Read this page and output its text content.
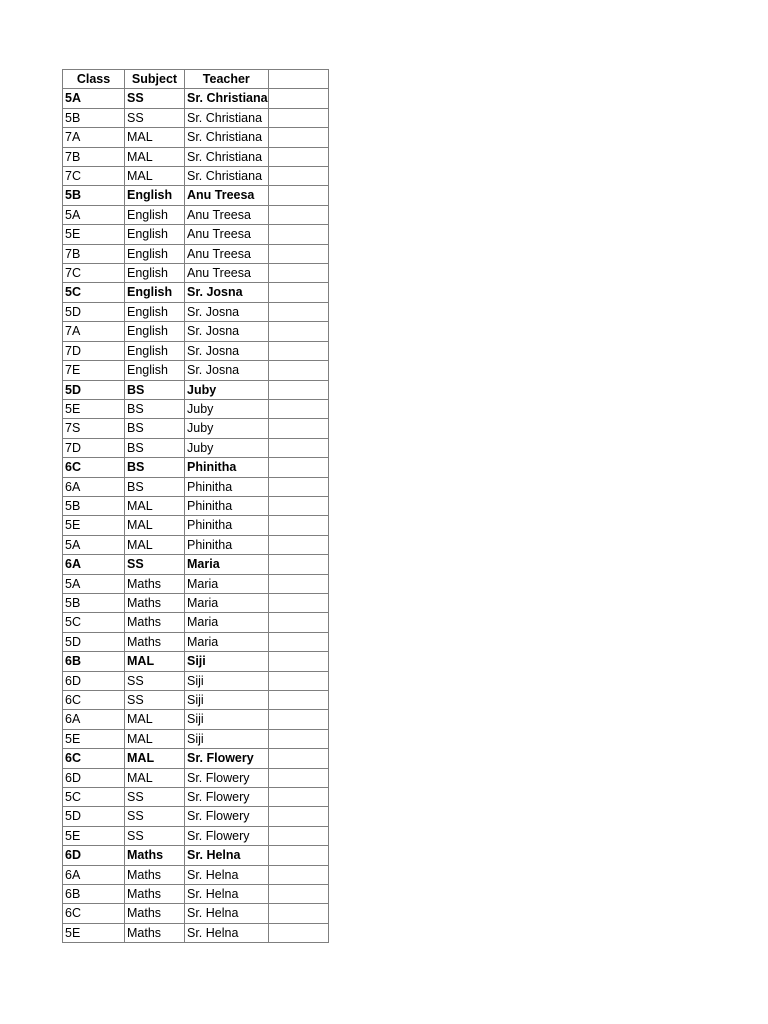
Class	Subject	Teacher	
5A	SS	Sr. Christiana	
5B	SS	Sr. Christiana	
7A	MAL	Sr. Christiana	
7B	MAL	Sr. Christiana	
7C	MAL	Sr. Christiana	
5B	English	Anu Treesa	
5A	English	Anu Treesa	
5E	English	Anu Treesa	
7B	English	Anu Treesa	
7C	English	Anu Treesa	
5C	English	Sr. Josna	
5D	English	Sr. Josna	
7A	English	Sr. Josna	
7D	English	Sr. Josna	
7E	English	Sr. Josna	
5D	BS	Juby	
5E	BS	Juby	
7S	BS	Juby	
7D	BS	Juby	
6C	BS	Phinitha	
6A	BS	Phinitha	
5B	MAL	Phinitha	
5E	MAL	Phinitha	
5A	MAL	Phinitha	
6A	SS	Maria	
5A	Maths	Maria	
5B	Maths	Maria	
5C	Maths	Maria	
5D	Maths	Maria	
6B	MAL	Siji	
6D	SS	Siji	
6C	SS	Siji	
6A	MAL	Siji	
5E	MAL	Siji	
6C	MAL	Sr. Flowery	
6D	MAL	Sr. Flowery	
5C	SS	Sr. Flowery	
5D	SS	Sr. Flowery	
5E	SS	Sr. Flowery	
6D	Maths	Sr. Helna	
6A	Maths	Sr. Helna	
6B	Maths	Sr. Helna	
6C	Maths	Sr. Helna	
5E	Maths	Sr. Helna	
